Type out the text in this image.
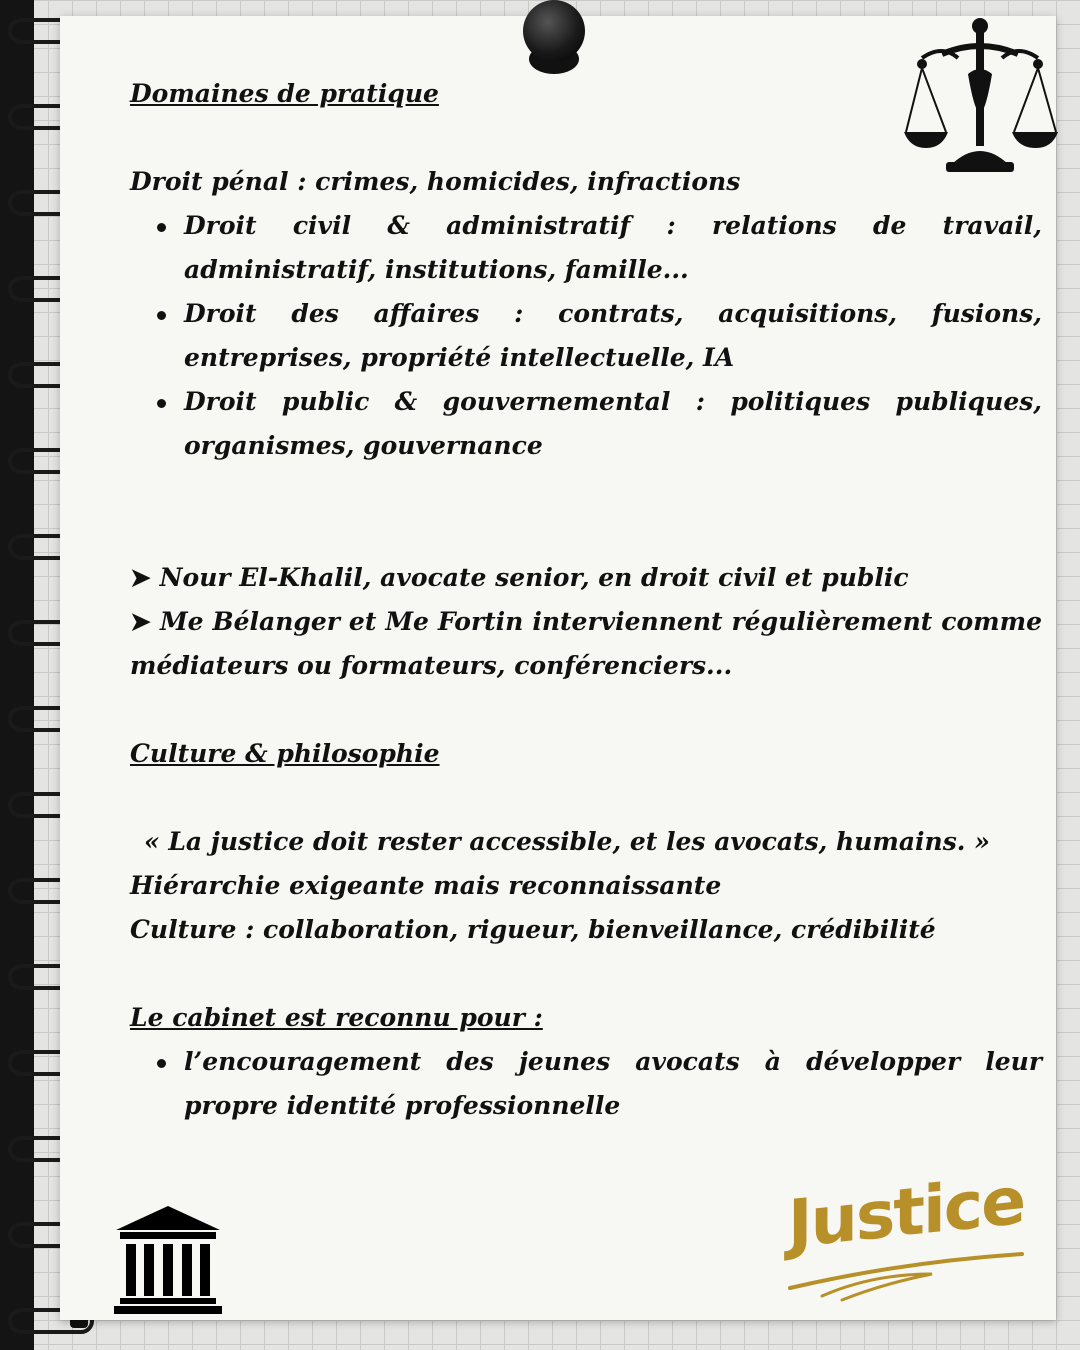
Domaines de pratique

Droit pénal : crimes, homicides, infractions

Droit civil & administratif : relations de travail, administratif, institutions, famille...
Droit des affaires : contrats, acquisitions, fusions, entreprises, propriété intellectuelle, IA
Droit public & gouvernemental : politiques publiques, organismes, gouvernance

➤ Nour El-Khalil, avocate senior, en droit civil et public

➤ Me Bélanger et Me Fortin interviennent régulièrement comme médiateurs ou formateurs, conférenciers...

Culture & philosophie

« La justice doit rester accessible, et les avocats, humains. »

Hiérarchie exigeante mais reconnaissante

Culture : collaboration, rigueur, bienveillance, crédibilité

Le cabinet est reconnu pour :

l’encouragement des jeunes avocats à développer leur propre identité professionnelle
Justice
